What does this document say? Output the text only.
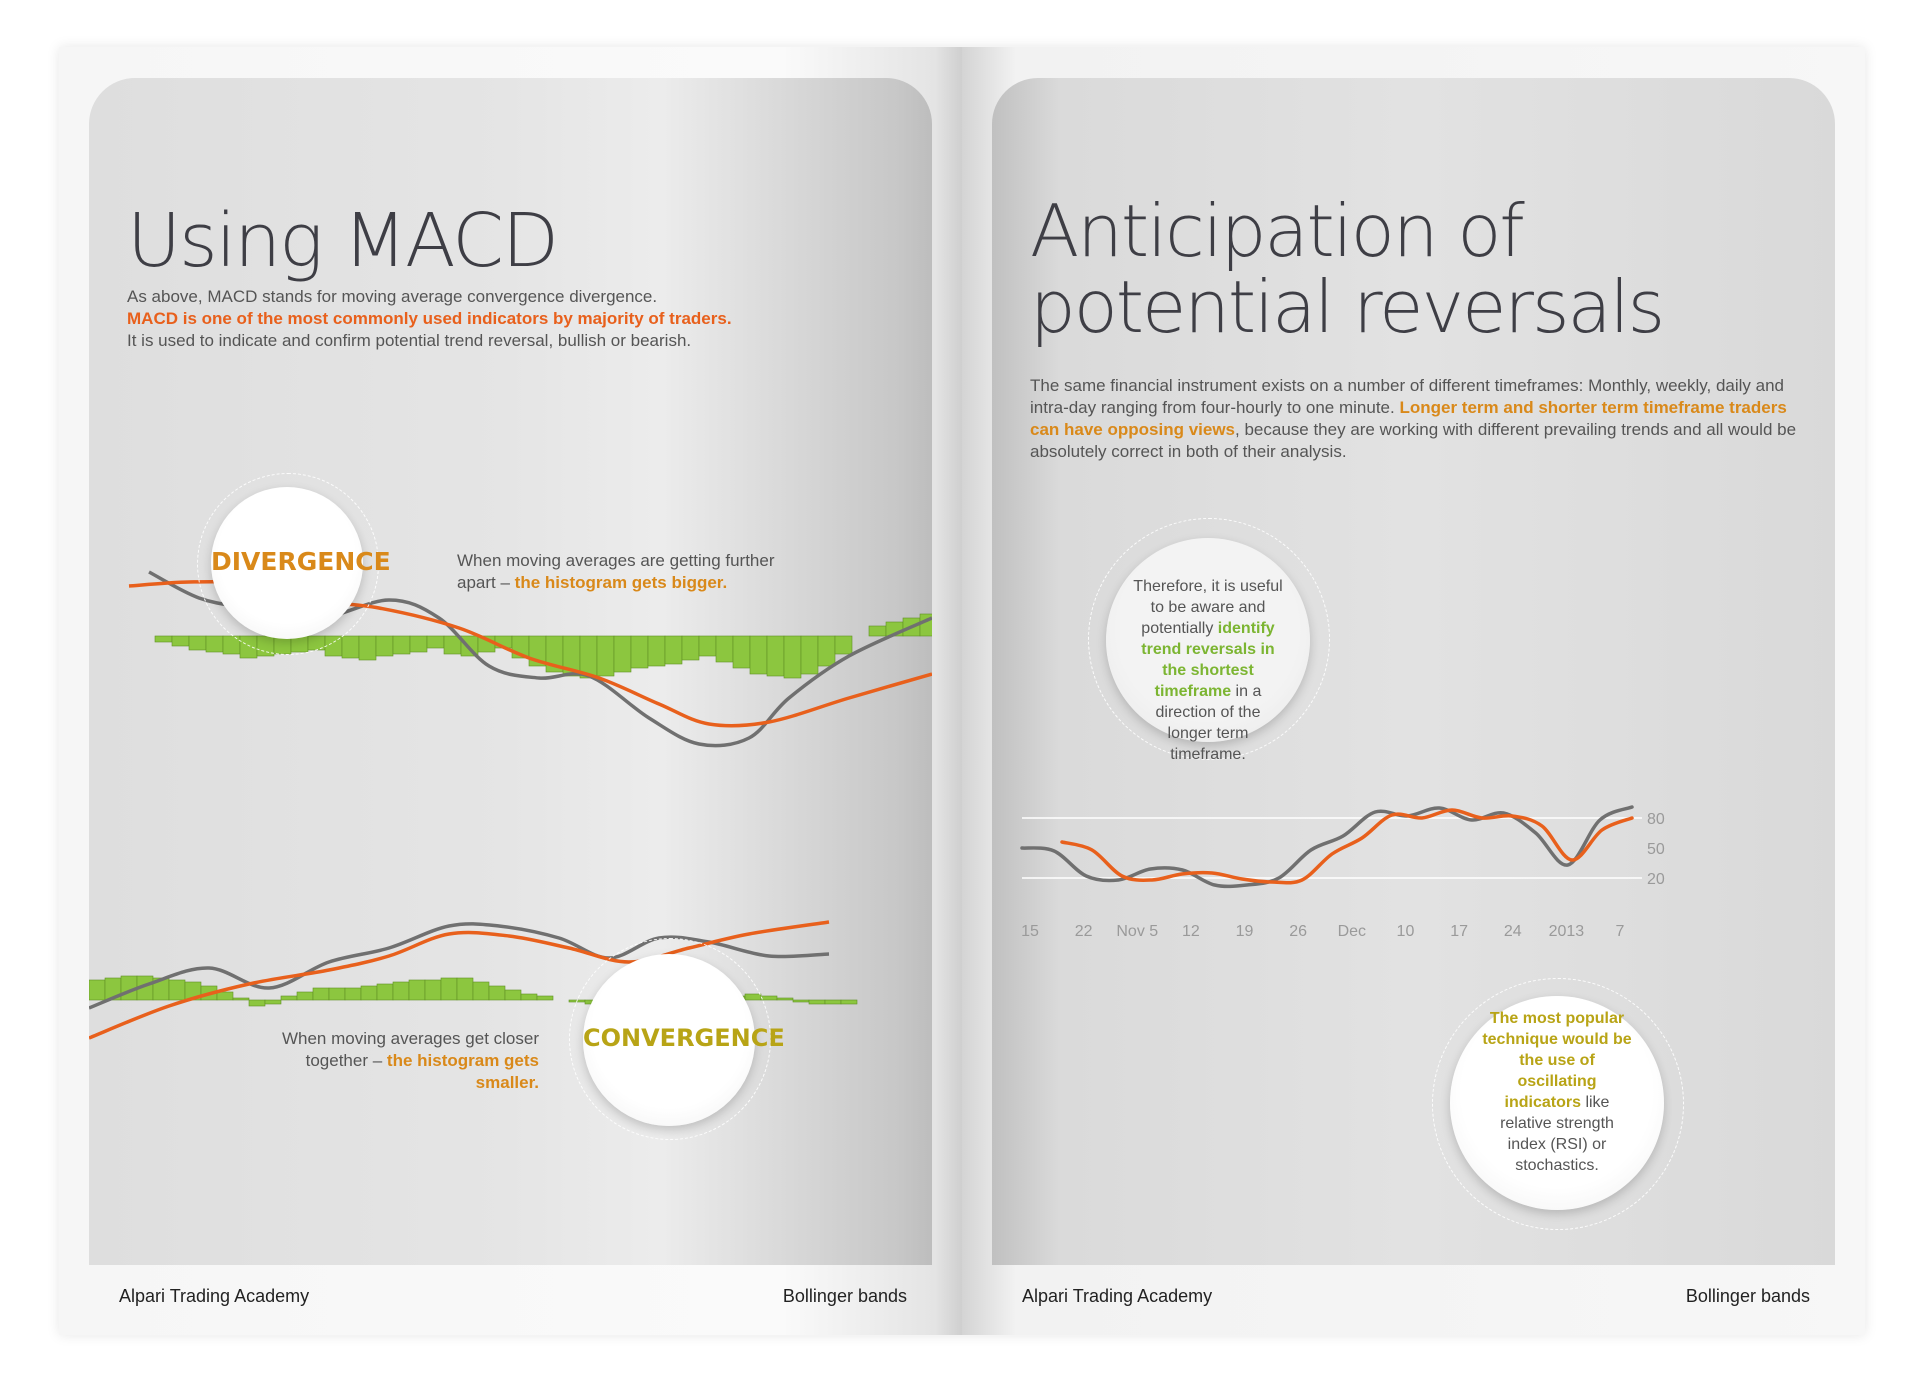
Using MACD
As above, MACD stands for moving average convergence divergence.
MACD is one of the most commonly used indicators by majority of traders.
It is used to indicate and confirm potential trend reversal, bullish or bearish.
DIVERGENCE	When moving averages are getting further apart – the histogram gets bigger.
CONVERGENCE
When moving averages get closer together – the histogram gets smaller.
Alpari Trading Academy	Bollinger bands
Anticipation of
potential reversals
The same financial instrument exists on a number of different timeframes: Monthly, weekly, daily and intra-day ranging from four-hourly to one minute. Longer term and shorter term timeframe traders can have opposing views, because they are working with different prevailing trends and all would be absolutely correct in both of their analysis.
Therefore, it is useful to be aware and potentially identify trend reversals in the shortest timeframe in a direction of the longer term timeframe.
80
50
20
15 22 Nov 5 12 19 26 Dec 10 17 24 2013 7
The most popular technique would be the use of oscillating indicators like relative strength index (RSI) or stochastics.
Alpari Trading Academy	Bollinger bands
